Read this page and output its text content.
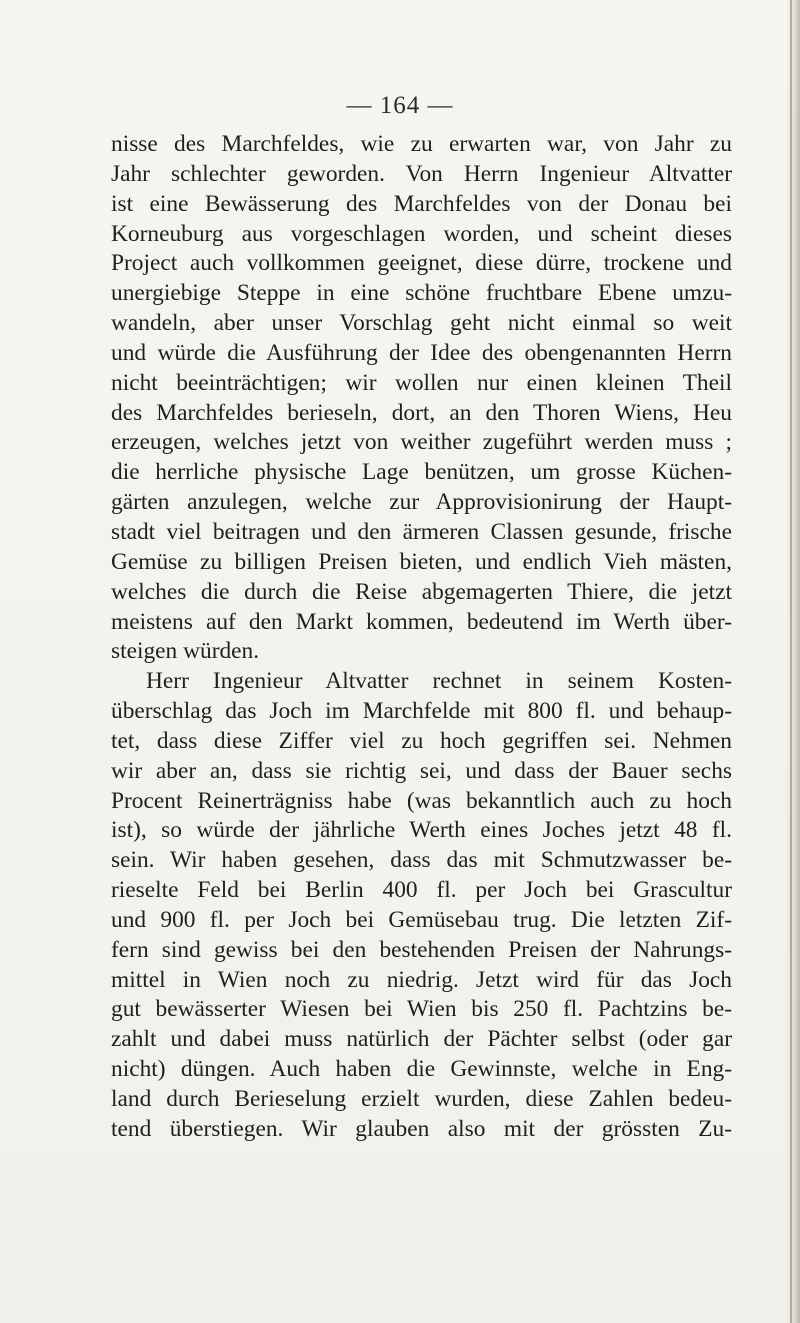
— 164 —
nisse des Marchfeldes, wie zu erwarten war, von Jahr zu
Jahr schlechter geworden. Von Herrn Ingenieur Altvatter
ist eine Bewässerung des Marchfeldes von der Donau bei
Korneuburg aus vorgeschlagen worden, und scheint dieses
Project auch vollkommen geeignet, diese dürre, trockene und
unergiebige Steppe in eine schöne fruchtbare Ebene umzu-
wandeln, aber unser Vorschlag geht nicht einmal so weit
und würde die Ausführung der Idee des obengenannten Herrn
nicht beeinträchtigen; wir wollen nur einen kleinen Theil
des Marchfeldes berieseln, dort, an den Thoren Wiens, Heu
erzeugen, welches jetzt von weither zugeführt werden muss ;
die herrliche physische Lage benützen, um grosse Küchen-
gärten anzulegen, welche zur Approvisionirung der Haupt-
stadt viel beitragen und den ärmeren Classen gesunde, frische
Gemüse zu billigen Preisen bieten, und endlich Vieh mästen,
welches die durch die Reise abgemagerten Thiere, die jetzt
meistens auf den Markt kommen, bedeutend im Werth über-
steigen würden.
Herr Ingenieur Altvatter rechnet in seinem Kosten-
überschlag das Joch im Marchfelde mit 800 fl. und behaup-
tet, dass diese Ziffer viel zu hoch gegriffen sei. Nehmen
wir aber an, dass sie richtig sei, und dass der Bauer sechs
Procent Reinerträgniss habe (was bekanntlich auch zu hoch
ist), so würde der jährliche Werth eines Joches jetzt 48 fl.
sein. Wir haben gesehen, dass das mit Schmutzwasser be-
rieselte Feld bei Berlin 400 fl. per Joch bei Grascultur
und 900 fl. per Joch bei Gemüsebau trug. Die letzten Zif-
fern sind gewiss bei den bestehenden Preisen der Nahrungs-
mittel in Wien noch zu niedrig. Jetzt wird für das Joch
gut bewässerter Wiesen bei Wien bis 250 fl. Pachtzins be-
zahlt und dabei muss natürlich der Pächter selbst (oder gar
nicht) düngen. Auch haben die Gewinnste, welche in Eng-
land durch Berieselung erzielt wurden, diese Zahlen bedeu-
tend überstiegen. Wir glauben also mit der grössten Zu-
